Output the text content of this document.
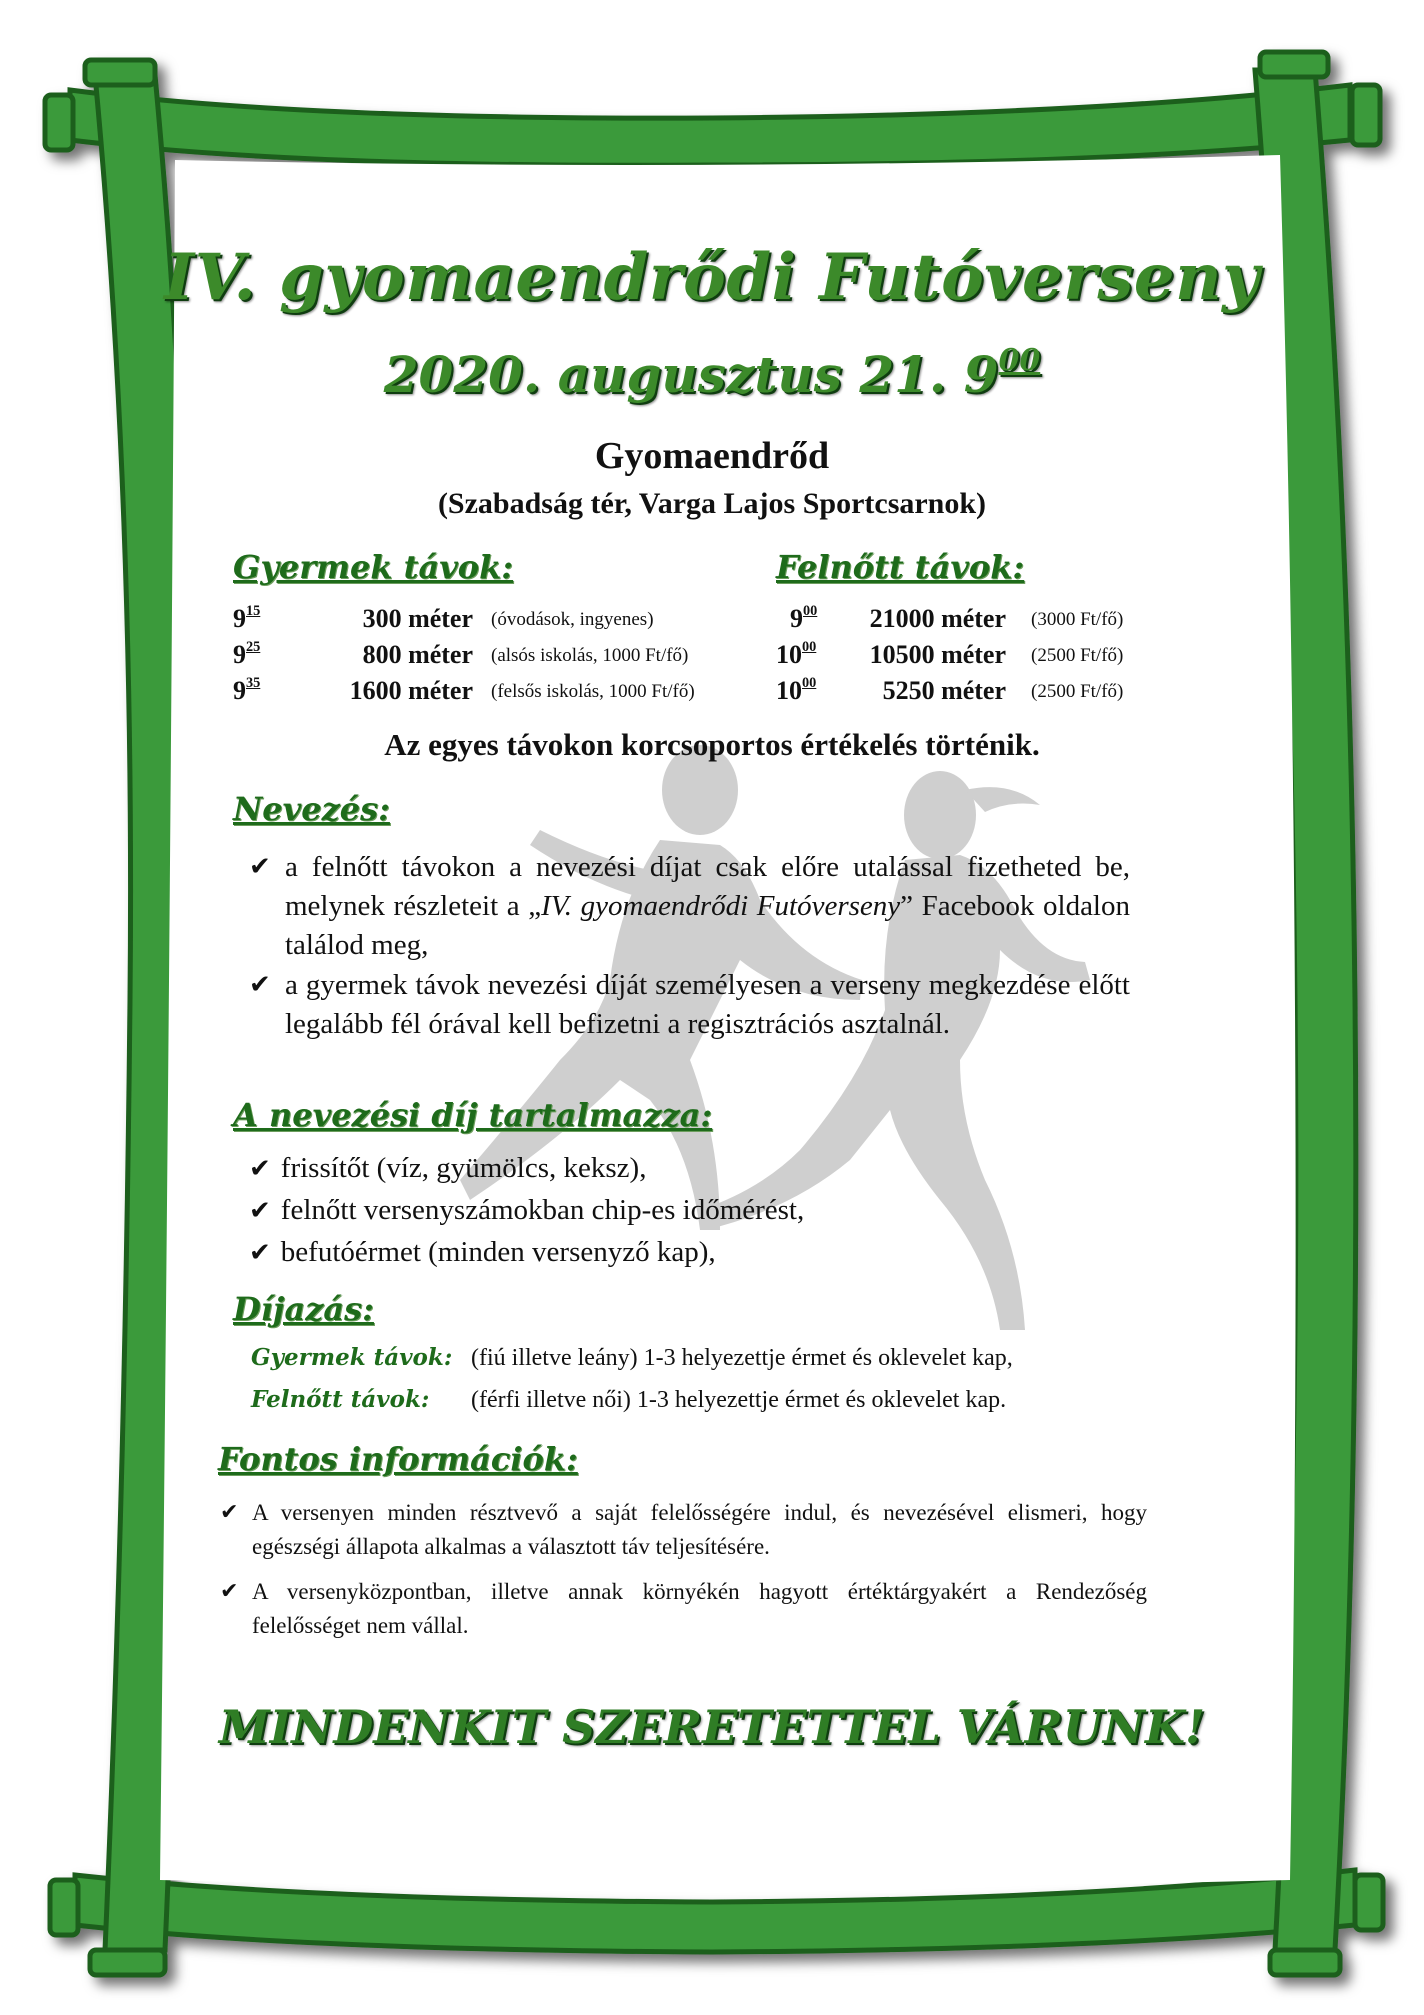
IV. gyomaendrődi Futóverseny
2020. augusztus 21. $9^{00}$
Gyomaendrőd
(Szabadság tér, Varga Lajos Sportcsarnok)
Gyermek távok:
$9^{15}$	300 méter (óvodások, ingyenes)
$9^{25}$	800 méter (alsós iskolás, 1000 Ft/fő)
$9^{35}$	1600 méter (felsős iskolás, 1000 Ft/fő)
Felnőtt távok:
$9^{00}$	21000 méter (3000 Ft/fő)
$10^{00}$	10500 méter (2500 Ft/fő)
$10^{00}$	5250 méter (2500 Ft/fő)
Az egyes távokon korcsoportos értékelés történik.
Nevezés:
✔ a felnőtt távokon a nevezési díjat csak előre utalással fizetheted be, melynek részleteit a „IV. gyomaendrődi Futóverseny” Facebook oldalon találod meg,
✔ a gyermek távok nevezési díját személyesen a verseny megkezdése előtt legalább fél órával kell befizetni a regisztrációs asztalnál.
A nevezési díj tartalmazza:
✔ frissítőt (víz, gyümölcs, keksz),
✔ felnőtt versenyszámokban chip-es időmérést,
✔ befutóérmet (minden versenyző kap),
Díjazás:
Gyermek távok: (fiú illetve leány) 1-3 helyezettje érmet és oklevelet kap,
Felnőtt távok: (férfi illetve női) 1-3 helyezettje érmet és oklevelet kap.
Fontos információk:
✔ A versenyen minden résztvevő a saját felelősségére indul, és nevezésével elismeri, hogy egészségi állapota alkalmas a választott táv teljesítésére.
✔ A versenyközpontban, illetve annak környékén hagyott értéktárgyakért a Rendezőség felelősséget nem vállal.
MINDENKIT SZERETETTEL VÁRUNK!
